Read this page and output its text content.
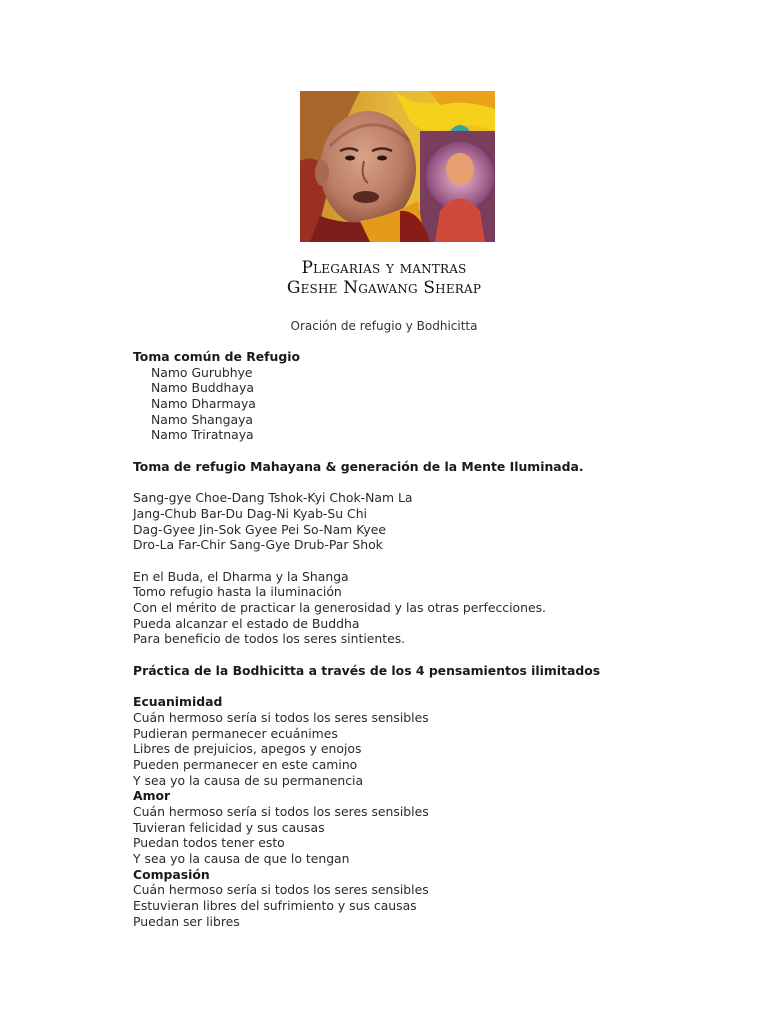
Plegarias y mantras
Geshe Ngawang Sherap
Oración de refugio y Bodhicitta
Toma común de Refugio
Namo Gurubhye
Namo Buddhaya
Namo Dharmaya
Namo Shangaya
Namo Triratnaya
Toma de refugio Mahayana & generación de la Mente Iluminada.
Sang-gye Choe-Dang Tshok-Kyi Chok-Nam La
Jang-Chub Bar-Du Dag-Ni Kyab-Su Chi
Dag-Gyee Jin-Sok Gyee Pei So-Nam Kyee
Dro-La Far-Chir Sang-Gye Drub-Par Shok
En el Buda, el Dharma y la Shanga
Tomo refugio hasta la iluminación
Con el mérito de practicar la generosidad y las otras perfecciones.
Pueda alcanzar el estado de Buddha
Para beneficio de todos los seres sintientes.
Práctica de la Bodhicitta a través de los 4 pensamientos ilimitados
Ecuanimidad
Cuán hermoso sería si todos los seres sensibles
Pudieran permanecer ecuánimes
Libres de prejuicios, apegos y enojos
Pueden permanecer en este camino
Y sea yo la causa de su permanencia
Amor
Cuán hermoso sería si todos los seres sensibles
Tuvieran felicidad y sus causas
Puedan todos tener esto
Y sea yo la causa de que lo tengan
Compasión
Cuán hermoso sería si todos los seres sensibles
Estuvieran libres del sufrimiento y sus causas
Puedan ser libres
